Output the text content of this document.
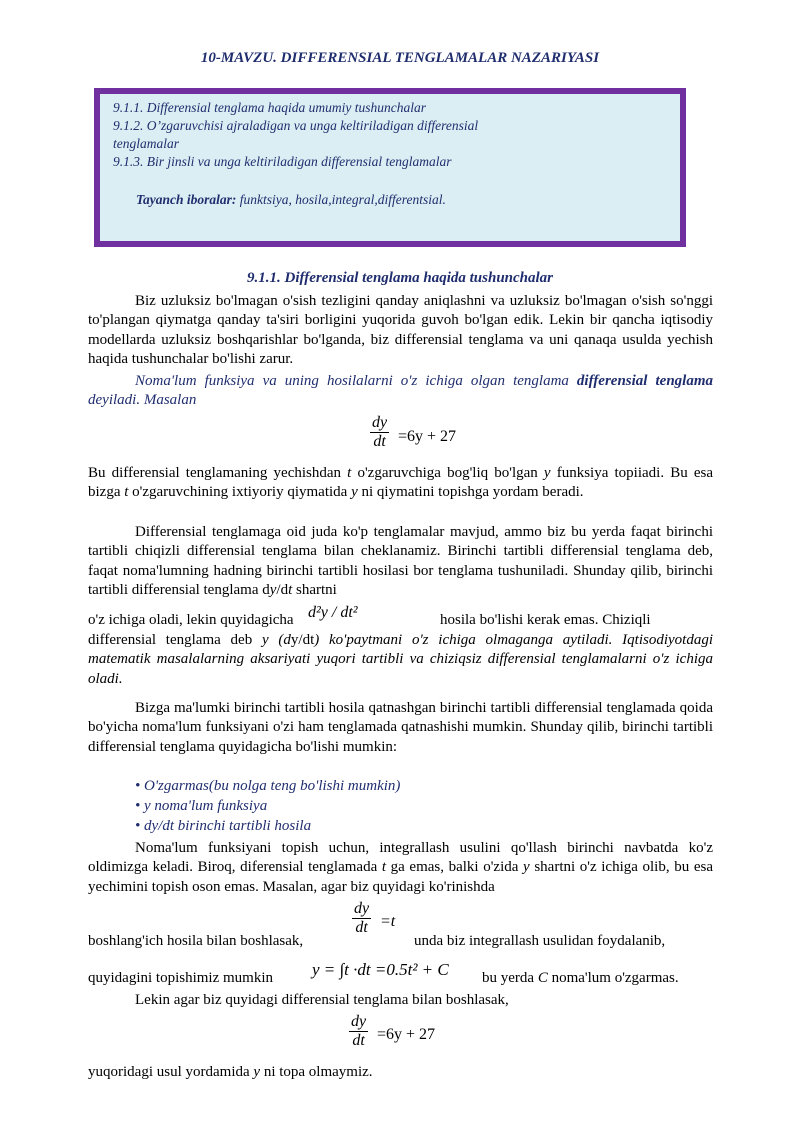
10-MAVZU. DIFFERENSIAL TENGLAMALAR NAZARIYASI
9.1.1. Differensial tenglama haqida umumiy tushunchalar
9.1.2. O’zgaruvchisi ajraladigan va unga keltiriladigan differensial
tenglamalar
9.1.3. Bir jinsli va unga keltiriladigan differensial tenglamalar
Tayanch iboralar: funktsiya, hosila,integral,differentsial.
9.1.1. Differensial tenglama haqida tushunchalar
Biz uzluksiz bo'lmagan o'sish tezligini qanday aniqlashni va uzluksiz bo'lmagan o'sish so'nggi to'plangan qiymatga qanday ta'siri borligini yuqorida guvoh bo'lgan edik. Lekin bir qancha iqtisodiy modellarda uzluksiz boshqarishlar bo'lganda, biz differensial tenglama va uni qanaqa usulda yechish haqida tushunchalar bo'lishi zarur.
Noma'lum funksiya va uning hosilalarni o'z ichiga olgan tenglama differensial tenglama deyiladi. Masalan
dy
dt =6y + 27
Bu differensial tenglamaning yechishdan t o'zgaruvchiga bog'liq bo'lgan y funksiya topiiadi. Bu esa bizga t o'zgaruvchining ixtiyoriy qiymatida y ni qiymatini topishga yordam beradi.
Differensial tenglamaga oid juda ko'p tenglamalar mavjud, ammo biz bu yerda faqat birinchi tartibli chiqizli differensial tenglama bilan cheklanamiz. Birinchi tartibli differensial tenglama deb, faqat noma'lumning hadning birinchi tartibli hosilasi bor tenglama tushuniladi. Shunday qilib, birinchi tartibli differensial tenglama dy/dt shartni
o'z ichiga oladi, lekin quyidagicha d²y / dt²	hosila bo'lishi kerak emas. Chiziqli
differensial tenglama deb y (dy/dt) ko'paytmani o'z ichiga olmaganga aytiladi. Iqtisodiyotdagi matematik masalalarning aksariyati yuqori tartibli va chiziqsiz differensial tenglamalarni o'z ichiga oladi.
Bizga ma'lumki birinchi tartibli hosila qatnashgan birinchi tartibli differensial tenglamada qoida bo'yicha noma'lum funksiyani o'zi ham tenglamada qatnashishi mumkin. Shunday qilib, birinchi tartibli differensial tenglama quyidagicha bo'lishi mumkin:
• O'zgarmas(bu nolga teng bo'lishi mumkin)
• y noma'lum funksiya
• dy/dt birinchi tartibli hosila
Noma'lum funksiyani topish uchun, integrallash usulini qo'llash birinchi navbatda ko'z oldimizga keladi. Biroq, diferensial tenglamada t ga emas, balki o'zida y shartni o'z ichiga olib, bu esa yechimini topish oson emas. Masalan, agar biz quyidagi ko'rinishda
dy
dt =t
boshlang'ich hosila bilan boshlasak,	unda biz integrallash usulidan foydalanib,
quyidagini topishimiz mumkin y = ∫t ·dt =0.5t² + C bu yerda C noma'lum o'zgarmas.
Lekin agar biz quyidagi differensial tenglama bilan boshlasak,
dy
dt =6y + 27
yuqoridagi usul yordamida y ni topa olmaymiz.
